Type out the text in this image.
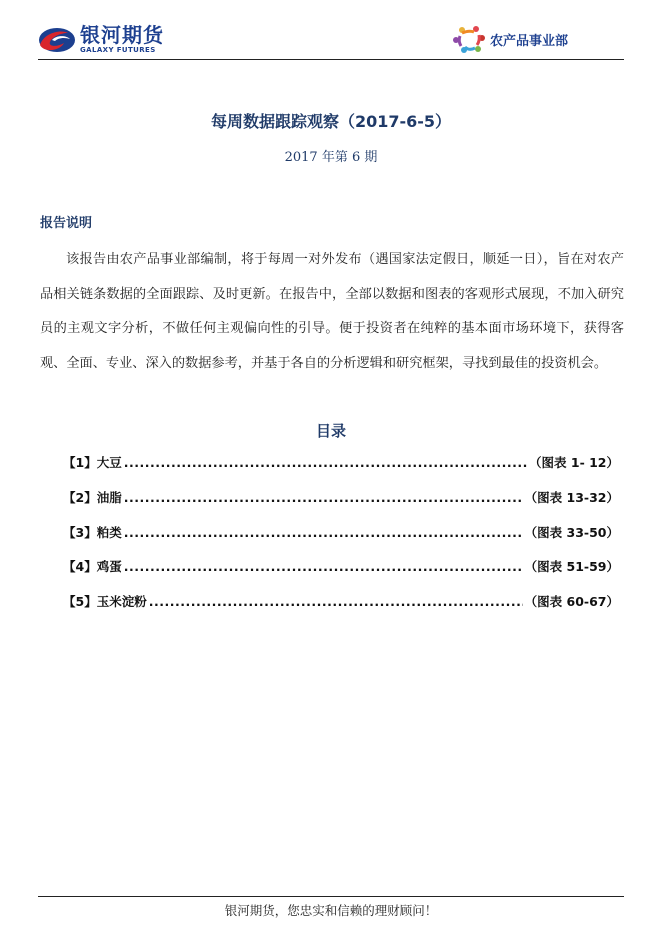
银河期货
GALAXY FUTURES
农产品事业部
每周数据跟踪观察（2017-6-5）
2017 年第 6 期
报告说明
该报告由农产品事业部编制，将于每周一对外发布（遇国家法定假日，顺延一日），旨在对农产品相关链条数据的全面跟踪、及时更新。在报告中，全部以数据和图表的客观形式展现，不加入研究员的主观文字分析，不做任何主观偏向性的引导。便于投资者在纯粹的基本面市场环境下，获得客观、全面、专业、深入的数据参考，并基于各自的分析逻辑和研究框架，寻找到最佳的投资机会。
目录
【1】大豆 .....	（图表 1- 12）
【2】油脂 .....	（图表 13-32）
【3】粕类 .....	（图表 33-50）
【4】鸡蛋 .....	（图表 51-59）
【5】玉米淀粉 .....	（图表 60-67）
银河期货，您忠实和信赖的理财顾问！
